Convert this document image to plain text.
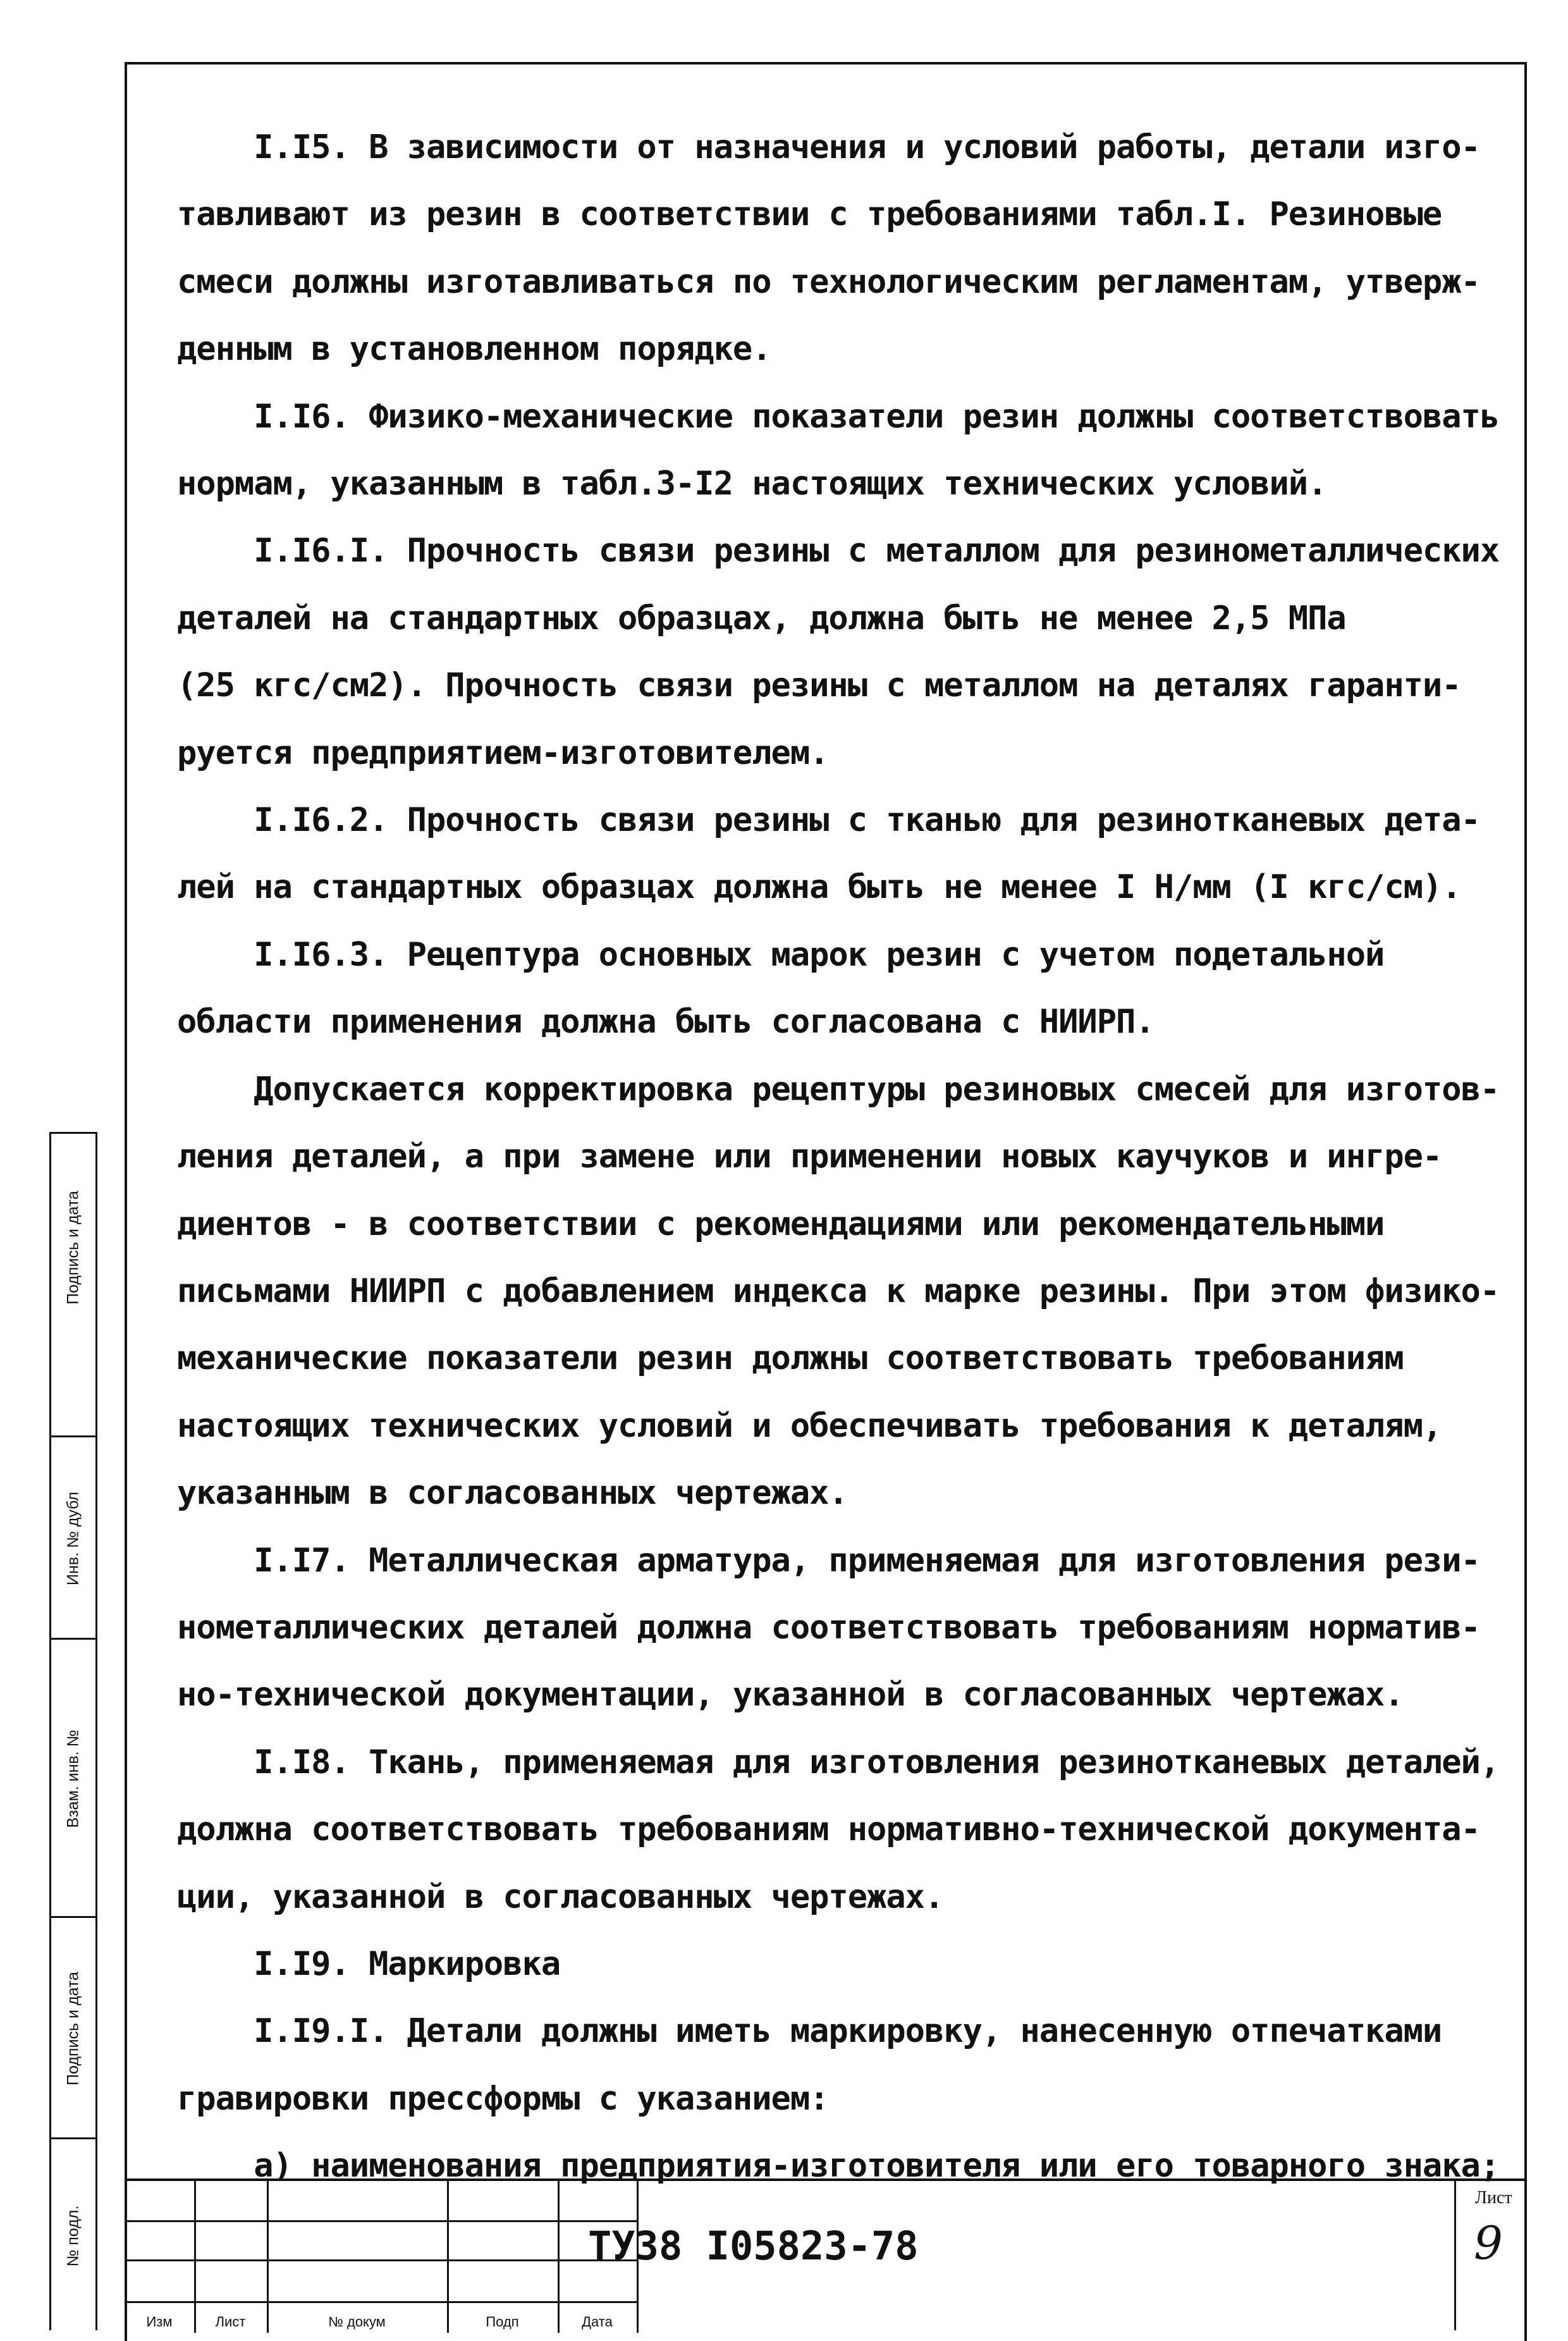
I.I5. В зависимости от назначения и условий работы, детали изго-
тавливают из резин в соответствии с требованиями табл.I. Резиновые
смеси должны изготавливаться по технологическим регламентам, утверж-
денным в установленном порядке.
I.I6. Физико-механические показатели резин должны соответствовать
нормам, указанным в табл.3-I2 настоящих технических условий.
I.I6.I. Прочность связи резины с металлом для резинометаллических
деталей на стандартных образцах, должна быть не менее 2,5 МПа
(25 кгс/см2). Прочность связи резины с металлом на деталях гаранти-
руется предприятием-изготовителем.
I.I6.2. Прочность связи резины с тканью для резинотканевых дета-
лей на стандартных образцах должна быть не менее I Н/мм (I кгс/см).
I.I6.3. Рецептура основных марок резин с учетом подетальной
области применения должна быть согласована с НИИРП.
Допускается корректировка рецептуры резиновых смесей для изготов-
ления деталей, а при замене или применении новых каучуков и ингре-
диентов - в соответствии с рекомендациями или рекомендательными
письмами НИИРП с добавлением индекса к марке резины. При этом физико-
механические показатели резин должны соответствовать требованиям
настоящих технических условий и обеспечивать требования к деталям,
указанным в согласованных чертежах.
I.I7. Металлическая арматура, применяемая для изготовления рези-
нометаллических деталей должна соответствовать требованиям норматив-
но-технической документации, указанной в согласованных чертежах.
I.I8. Ткань, применяемая для изготовления резинотканевых деталей,
должна соответствовать требованиям нормативно-технической документа-
ции, указанной в согласованных чертежах.
I.I9. Маркировка
I.I9.I. Детали должны иметь маркировку, нанесенную отпечатками
гравировки прессформы с указанием:
а) наименования предприятия-изготовителя или его товарного знака;
Подпись и дата
Инв. № дубл
Взам. инв. №
Подпись и дата
№ подл.
Изм	Лист	№ докум	Подп	Дата
ТУ38 I05823-78
Лист
9
